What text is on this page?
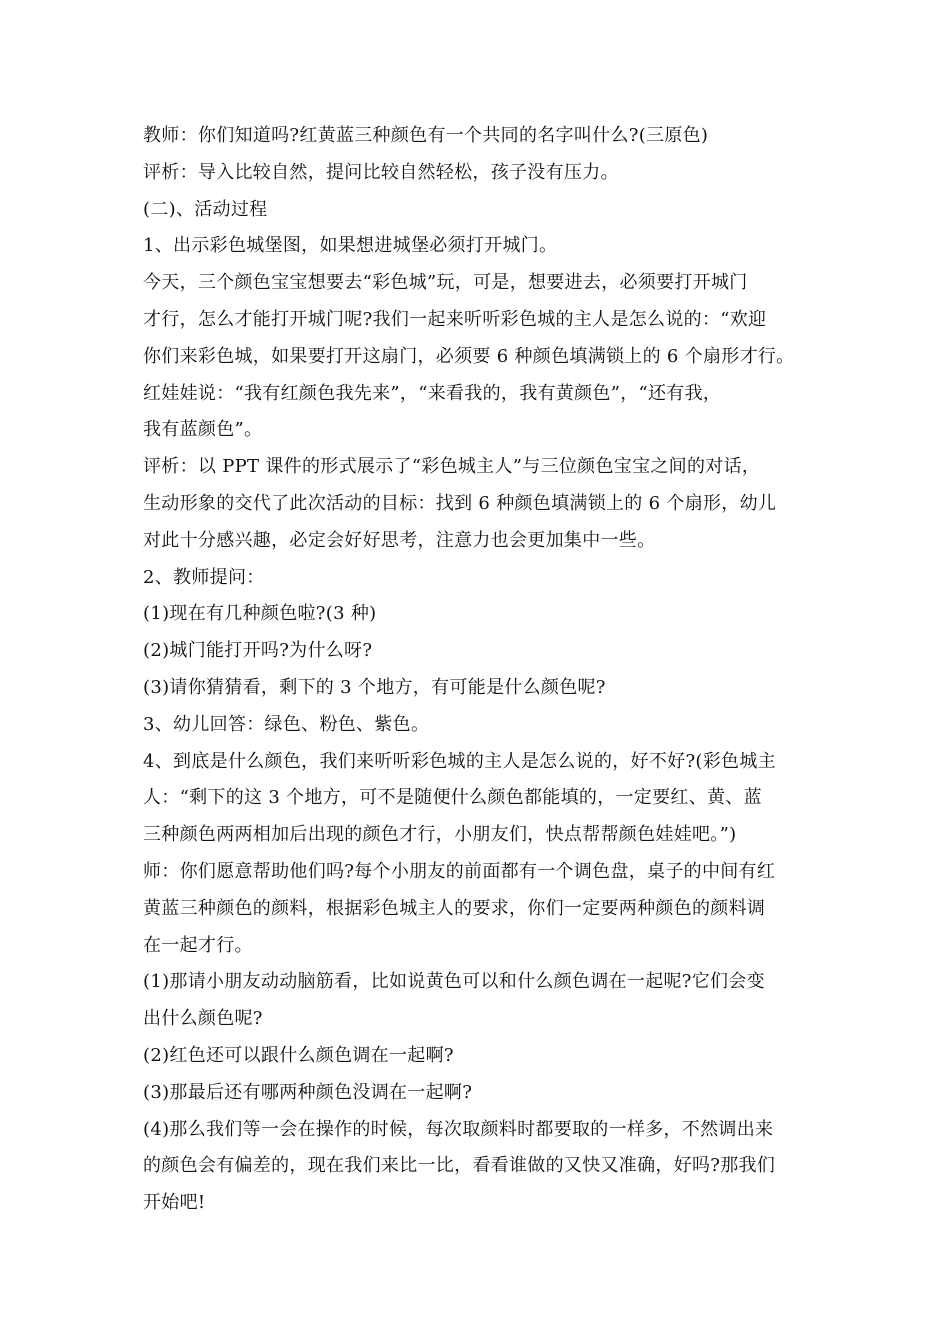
教师：你们知道吗?红黄蓝三种颜色有一个共同的名字叫什么?(三原色)

评析：导入比较自然，提问比较自然轻松，孩子没有压力。

(二)、活动过程

1、出示彩色城堡图，如果想进城堡必须打开城门。

今天，三个颜色宝宝想要去“彩色城”玩，可是，想要进去，必须要打开城门

才行，怎么才能打开城门呢?我们一起来听听彩色城的主人是怎么说的：“欢迎

你们来彩色城，如果要打开这扇门，必须要 6 种颜色填满锁上的 6 个扇形才行。

红娃娃说：“我有红颜色我先来”，“来看我的，我有黄颜色”，“还有我，

我有蓝颜色”。

评析：以 PPT 课件的形式展示了“彩色城主人”与三位颜色宝宝之间的对话，

生动形象的交代了此次活动的目标：找到 6 种颜色填满锁上的 6 个扇形，幼儿

对此十分感兴趣，必定会好好思考，注意力也会更加集中一些。

2、教师提问：

(1)现在有几种颜色啦?(3 种)

(2)城门能打开吗?为什么呀?

(3)请你猜猜看，剩下的 3 个地方，有可能是什么颜色呢?

3、幼儿回答：绿色、粉色、紫色。

4、到底是什么颜色，我们来听听彩色城的主人是怎么说的，好不好?(彩色城主

人：“剩下的这 3 个地方，可不是随便什么颜色都能填的，一定要红、黄、蓝

三种颜色两两相加后出现的颜色才行，小朋友们，快点帮帮颜色娃娃吧。”)

师：你们愿意帮助他们吗?每个小朋友的前面都有一个调色盘，桌子的中间有红

黄蓝三种颜色的颜料，根据彩色城主人的要求，你们一定要两种颜色的颜料调

在一起才行。

(1)那请小朋友动动脑筋看，比如说黄色可以和什么颜色调在一起呢?它们会变

出什么颜色呢?

(2)红色还可以跟什么颜色调在一起啊?

(3)那最后还有哪两种颜色没调在一起啊?

(4)那么我们等一会在操作的时候，每次取颜料时都要取的一样多，不然调出来

的颜色会有偏差的，现在我们来比一比，看看谁做的又快又准确，好吗?那我们

开始吧!
